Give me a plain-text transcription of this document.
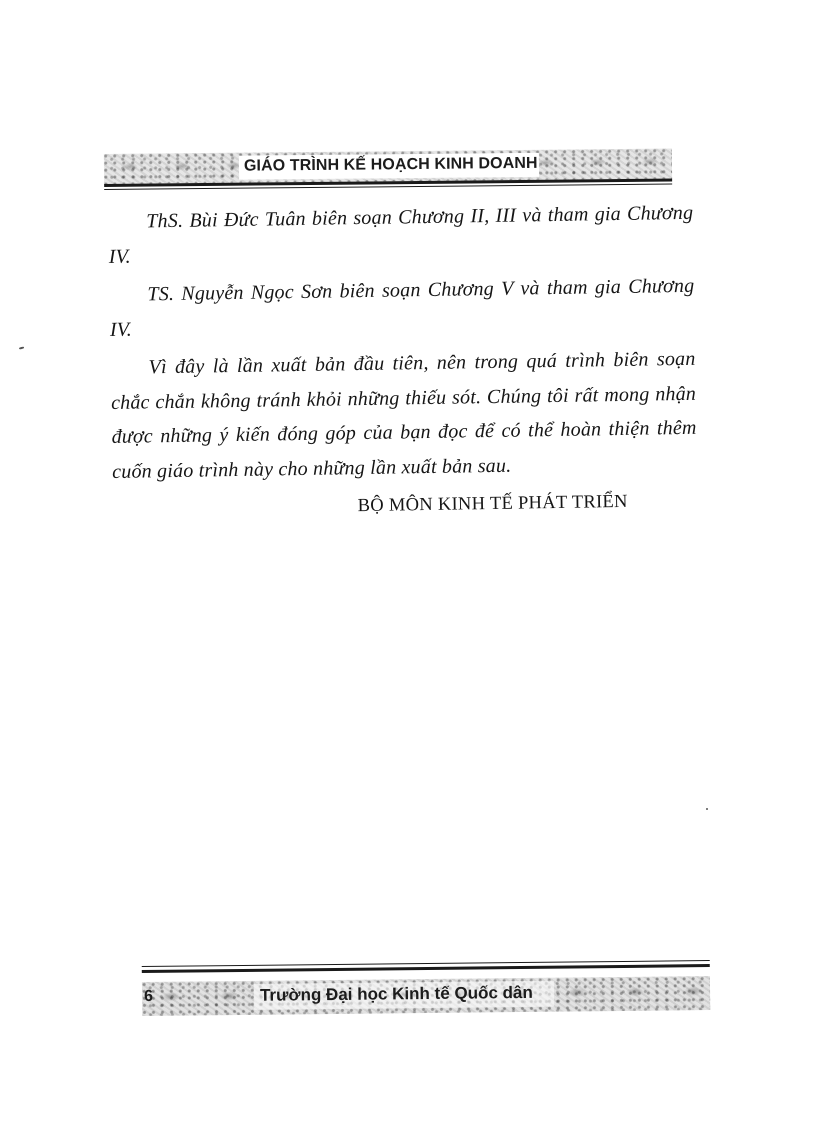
GIÁO TRÌNH KẾ HOẠCH KINH DOANH

ThS. Bùi Đức Tuân biên soạn Chương II, III và tham gia Chương IV.

TS. Nguyễn Ngọc Sơn biên soạn Chương V và tham gia Chương IV.

Vì đây là lần xuất bản đầu tiên, nên trong quá trình biên soạn chắc chắn không tránh khỏi những thiếu sót. Chúng tôi rất mong nhận được những ý kiến đóng góp của bạn đọc để có thể hoàn thiện thêm cuốn giáo trình này cho những lần xuất bản sau.

BỘ MÔN KINH TẾ PHÁT TRIỂN
6	Trường Đại học Kinh tế Quốc dân
